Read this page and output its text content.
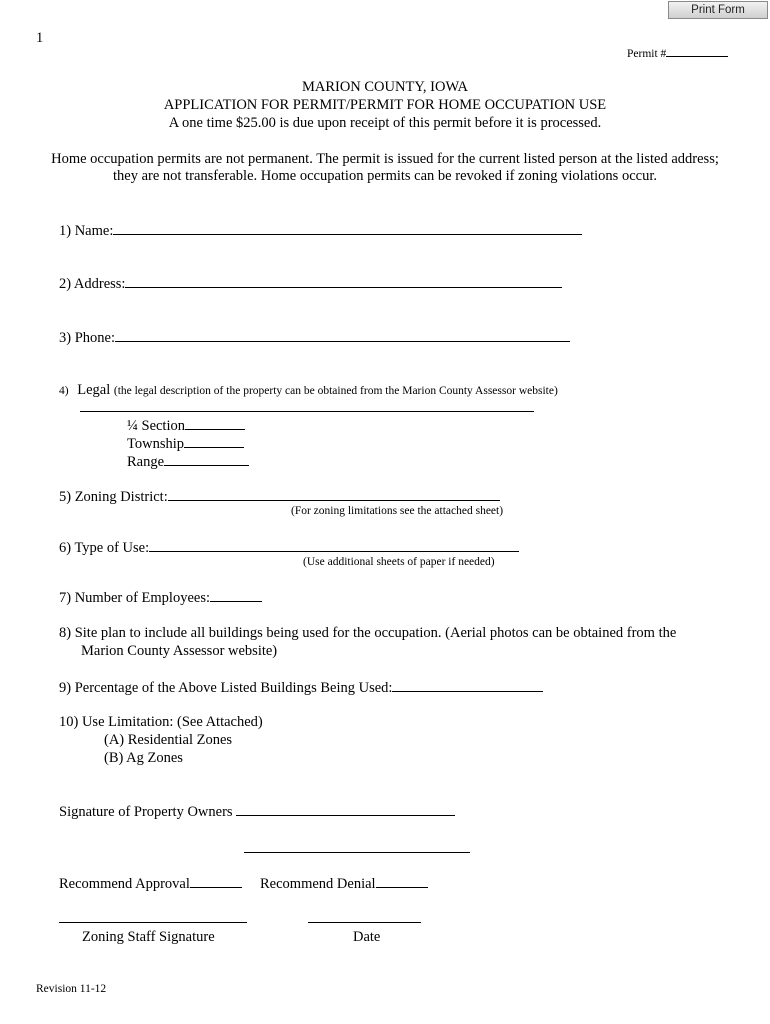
Print Form
1
Permit #
MARION COUNTY, IOWA
APPLICATION FOR PERMIT/PERMIT FOR HOME OCCUPATION USE
A one time $25.00 is due upon receipt of this permit before it is processed.
Home occupation permits are not permanent. The permit is issued for the current listed person at the listed address;
they are not transferable. Home occupation permits can be revoked if zoning violations occur.
1) Name:
2) Address:
3) Phone:
4) Legal (the legal description of the property can be obtained from the Marion County Assessor website)
¼ Section
Township
Range
5) Zoning District:
(For zoning limitations see the attached sheet)
6) Type of Use:
(Use additional sheets of paper if needed)
7) Number of Employees:
8) Site plan to include all buildings being used for the occupation. (Aerial photos can be obtained from the
Marion County Assessor website)
9) Percentage of the Above Listed Buildings Being Used:
10) Use Limitation: (See Attached)
(A) Residential Zones
(B) Ag Zones
Signature of Property Owners
Recommend Approval	Recommend Denial
Zoning Staff Signature	Date
Revision 11-12
